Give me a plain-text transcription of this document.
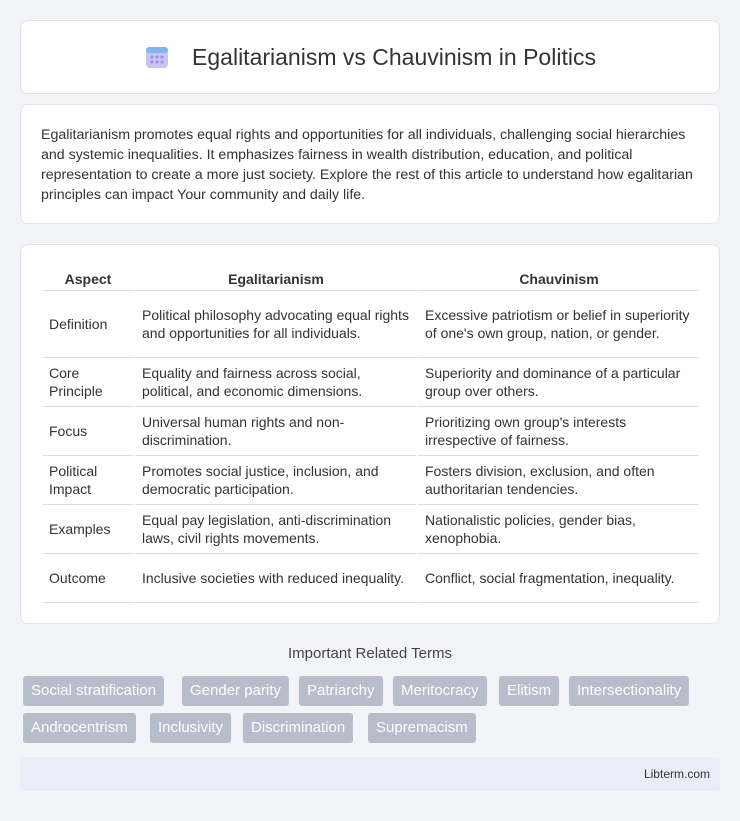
Egalitarianism vs Chauvinism in Politics

Egalitarianism promotes equal rights and opportunities for all individuals, challenging social hierarchies and systemic inequalities. It emphasizes fairness in wealth distribution, education, and political representation to create a more just society. Explore the rest of this article to understand how egalitarian principles can impact Your community and daily life.

Aspect	Egalitarianism	Chauvinism
Definition	Political philosophy advocating equal rights and opportunities for all individuals.	Excessive patriotism or belief in superiority of one's own group, nation, or gender.
Core Principle	Equality and fairness across social, political, and economic dimensions.	Superiority and dominance of a particular group over others.
Focus	Universal human rights and non-discrimination.	Prioritizing own group's interests irrespective of fairness.
Political Impact	Promotes social justice, inclusion, and democratic participation.	Fosters division, exclusion, and often authoritarian tendencies.
Examples	Equal pay legislation, anti-discrimination laws, civil rights movements.	Nationalistic policies, gender bias, xenophobia.
Outcome	Inclusive societies with reduced inequality.	Conflict, social fragmentation, inequality.
Important Related Terms
Social stratification	Gender parity	Patriarchy	Meritocracy	Elitism	Intersectionality
Androcentrism	Inclusivity	Discrimination	Supremacism
Libterm.com
